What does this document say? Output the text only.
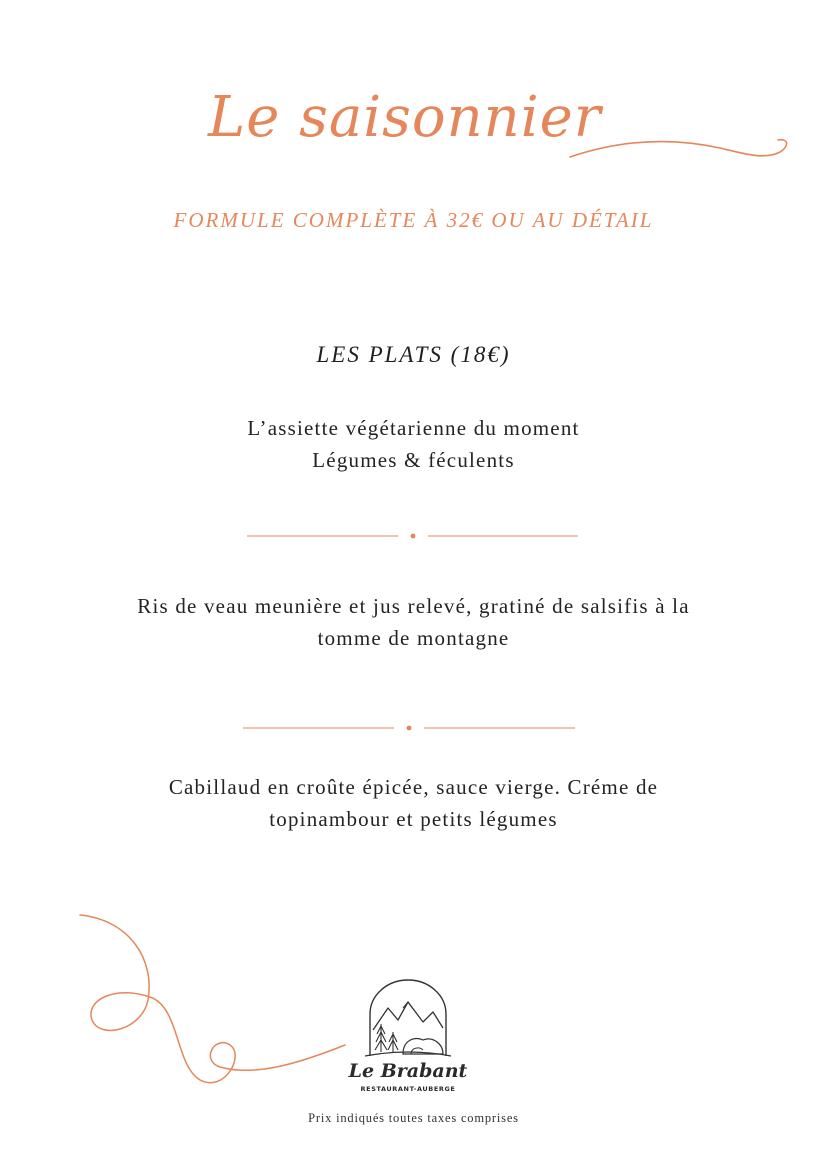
Le saisonnier
FORMULE COMPLÈTE À 32€ OU AU DÉTAIL
LES PLATS (18€)
L’assiette végétarienne du moment
Légumes & féculents
Ris de veau meunière et jus relevé, gratiné de salsifis à la
tomme de montagne
Cabillaud en croûte épicée, sauce vierge. Créme de
topinambour et petits légumes
Le Brabant
RESTAURANT-AUBERGE
Prix indiqués toutes taxes comprises
